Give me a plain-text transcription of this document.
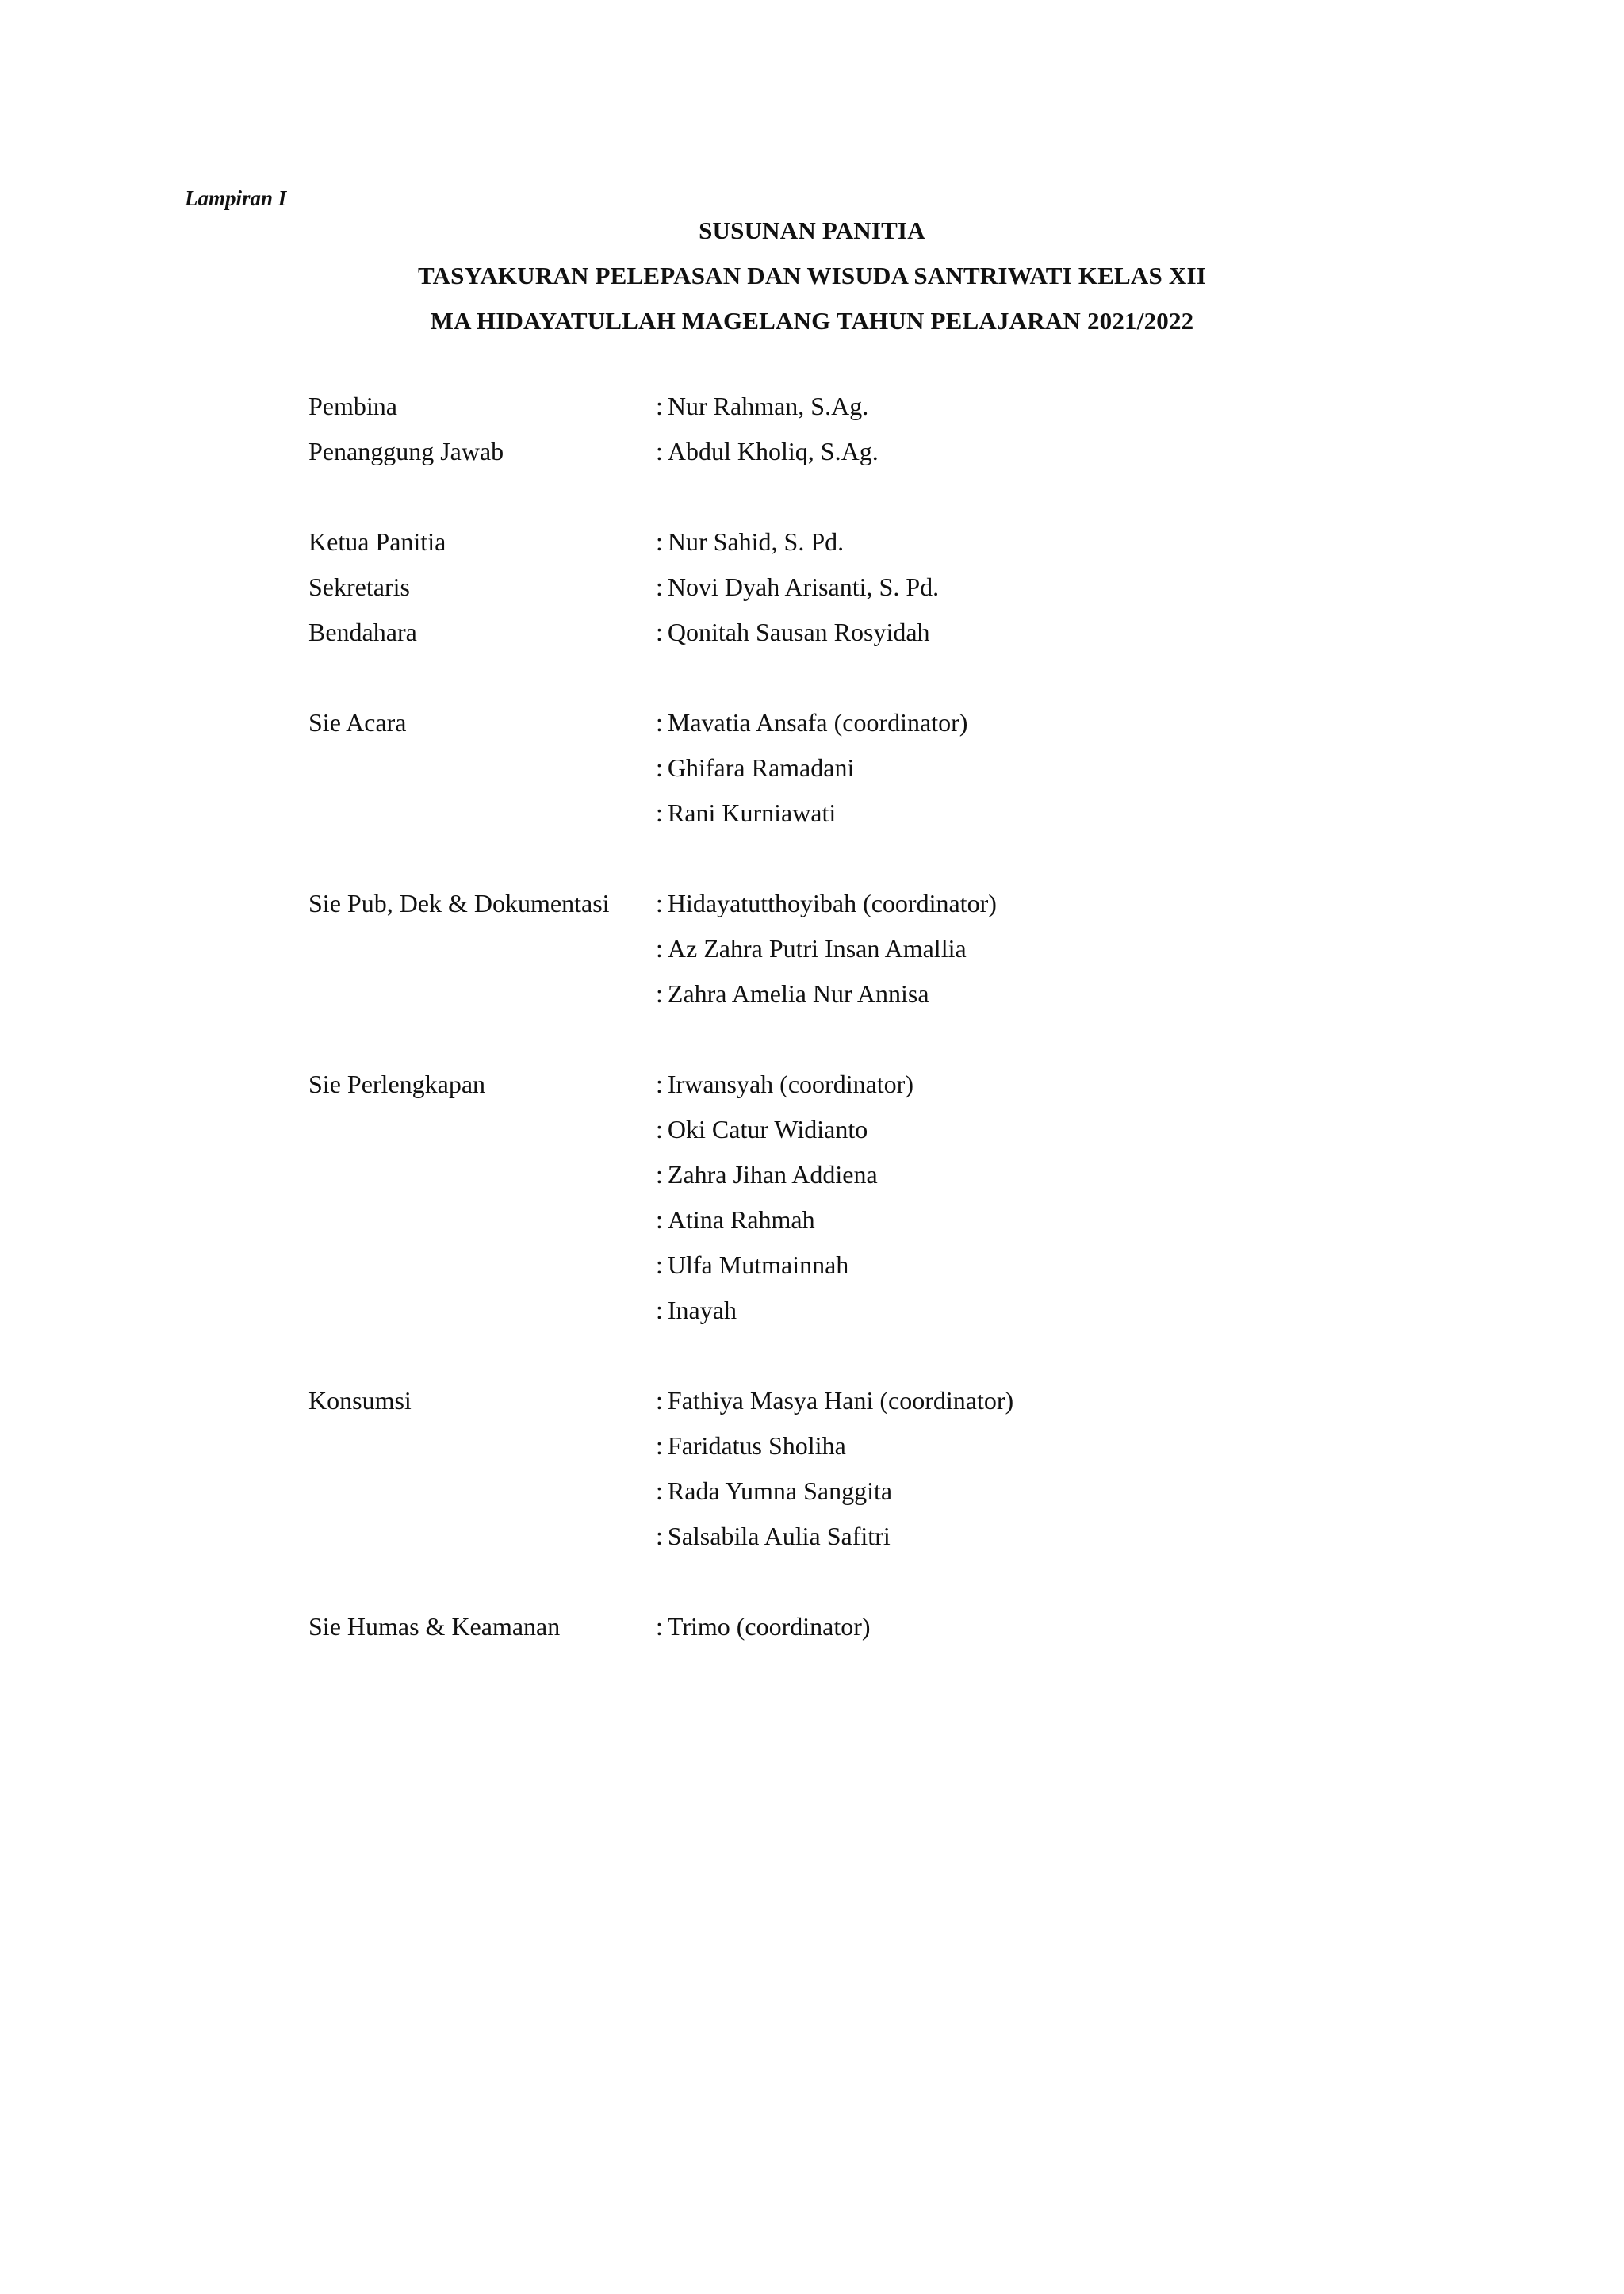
Lampiran I

SUSUNAN PANITIA
TASYAKURAN PELEPASAN DAN WISUDA SANTRIWATI KELAS XII
MA HIDAYATULLAH MAGELANG TAHUN PELAJARAN 2021/2022
Pembina	: Nur Rahman, S.Ag.
Penanggung Jawab	: Abdul Kholiq, S.Ag.
Ketua Panitia	: Nur Sahid, S. Pd.
Sekretaris	: Novi Dyah Arisanti, S. Pd.
Bendahara	: Qonitah Sausan Rosyidah
Sie Acara	: Mavatia Ansafa (coordinator)
: Ghifara Ramadani
: Rani Kurniawati
Sie Pub, Dek & Dokumentasi	: Hidayatutthoyibah (coordinator)
: Az Zahra Putri Insan Amallia
: Zahra Amelia Nur Annisa
Sie Perlengkapan	: Irwansyah (coordinator)
: Oki Catur Widianto
: Zahra Jihan Addiena
: Atina Rahmah
: Ulfa Mutmainnah
: Inayah
Konsumsi	: Fathiya Masya Hani (coordinator)
: Faridatus Sholiha
: Rada Yumna Sanggita
: Salsabila Aulia Safitri
Sie Humas & Keamanan	: Trimo (coordinator)
